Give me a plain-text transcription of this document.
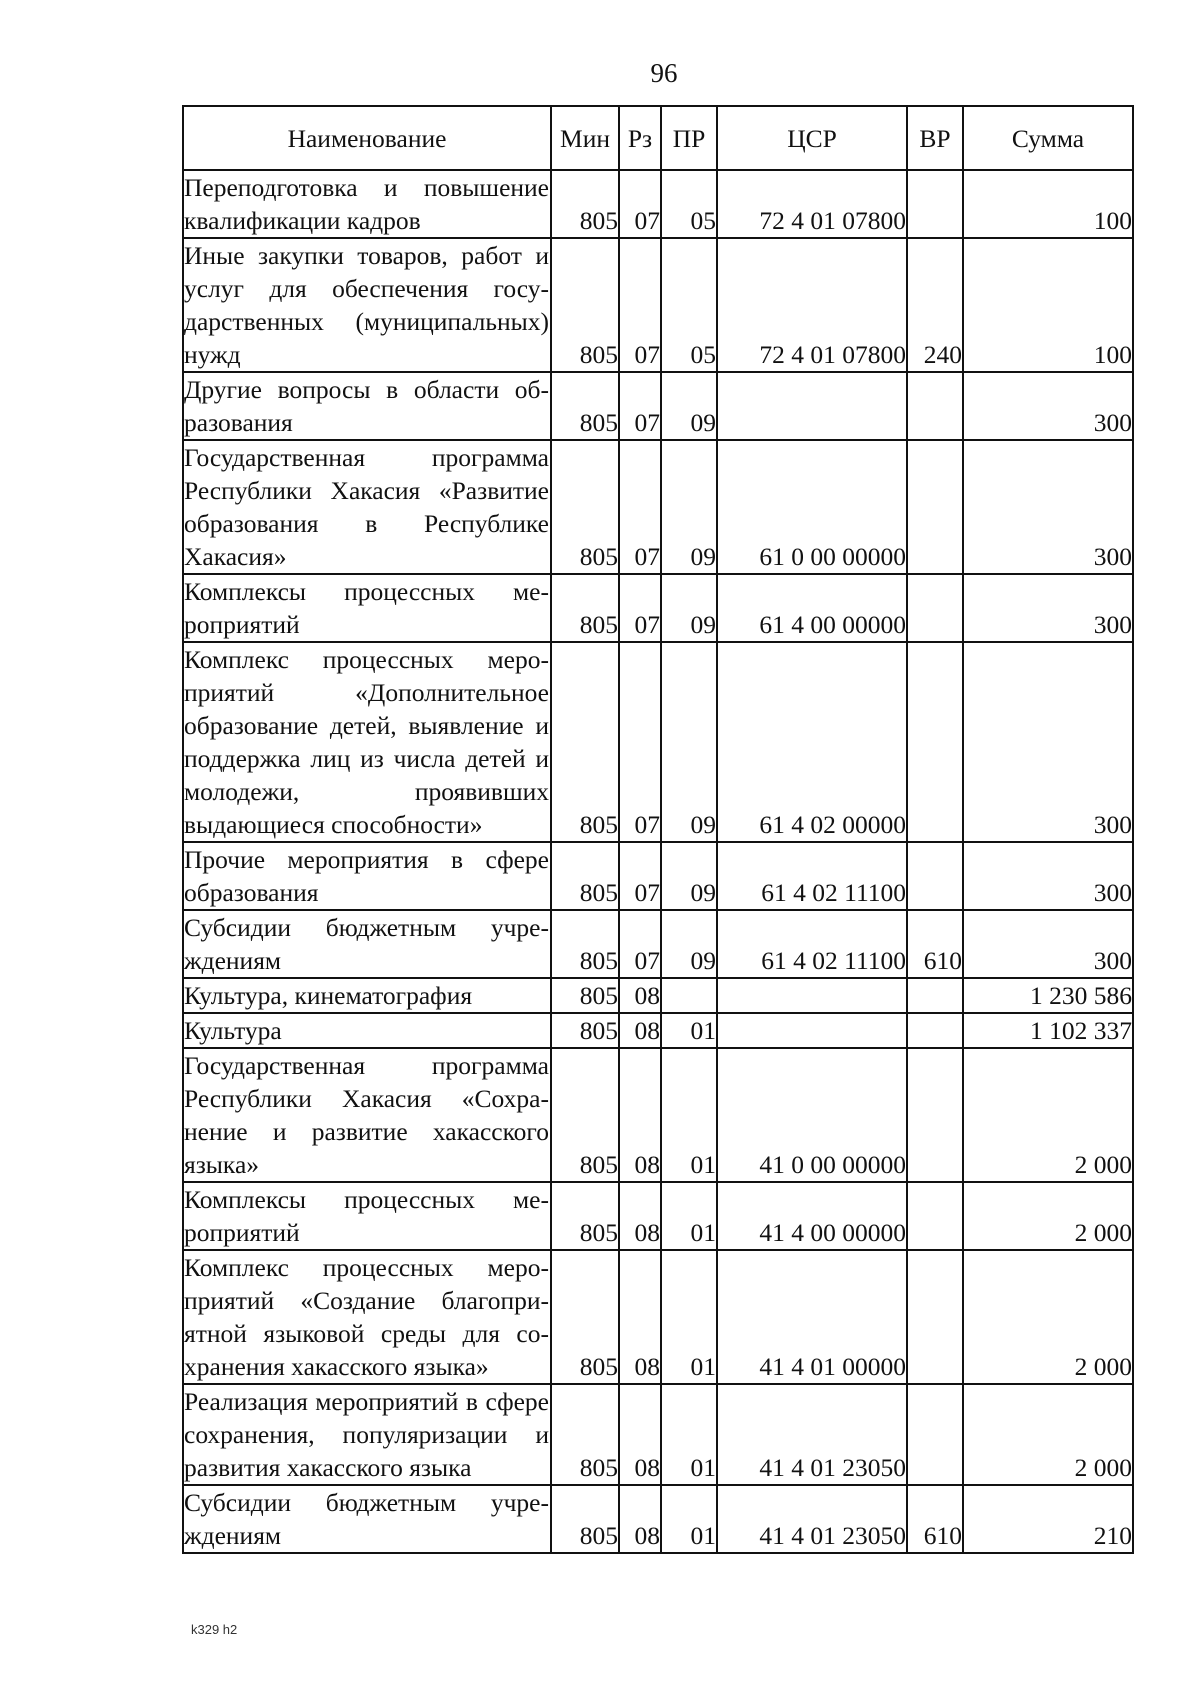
96
Наименование	Мин	Рз	ПР	ЦСР	ВР	Сумма
Переподготовка и повышение квалификации кадров	805	07	05	72 4 01 07800		100
Иные закупки товаров, работ и услуг для обеспечения государственных (муниципальных) нужд	805	07	05	72 4 01 07800	240	100
Другие вопросы в области образования	805	07	09			300
Государственная программа Республики Хакасия «Развитие образования в Республике Хакасия»	805	07	09	61 0 00 00000		300
Комплексы процессных мероприятий	805	07	09	61 4 00 00000		300
Комплекс процессных мероприятий «Дополнительное образование детей, выявление и поддержка лиц из числа детей и молодежи, проявивших выдающиеся способности»	805	07	09	61 4 02 00000		300
Прочие мероприятия в сфере образования	805	07	09	61 4 02 11100		300
Субсидии бюджетным учреждениям	805	07	09	61 4 02 11100	610	300
Культура, кинематография	805	08				1 230 586
Культура	805	08	01			1 102 337
Государственная программа Республики Хакасия «Сохранение и развитие хакасского языка»	805	08	01	41 0 00 00000		2 000
Комплексы процессных мероприятий	805	08	01	41 4 00 00000		2 000
Комплекс процессных мероприятий «Создание благоприятной языковой среды для сохранения хакасского языка»	805	08	01	41 4 01 00000		2 000
Реализация мероприятий в сфере сохранения, популяризации и развития хакасского языка	805	08	01	41 4 01 23050		2 000
Субсидии бюджетным учреждениям	805	08	01	41 4 01 23050	610	210
k329 h2
